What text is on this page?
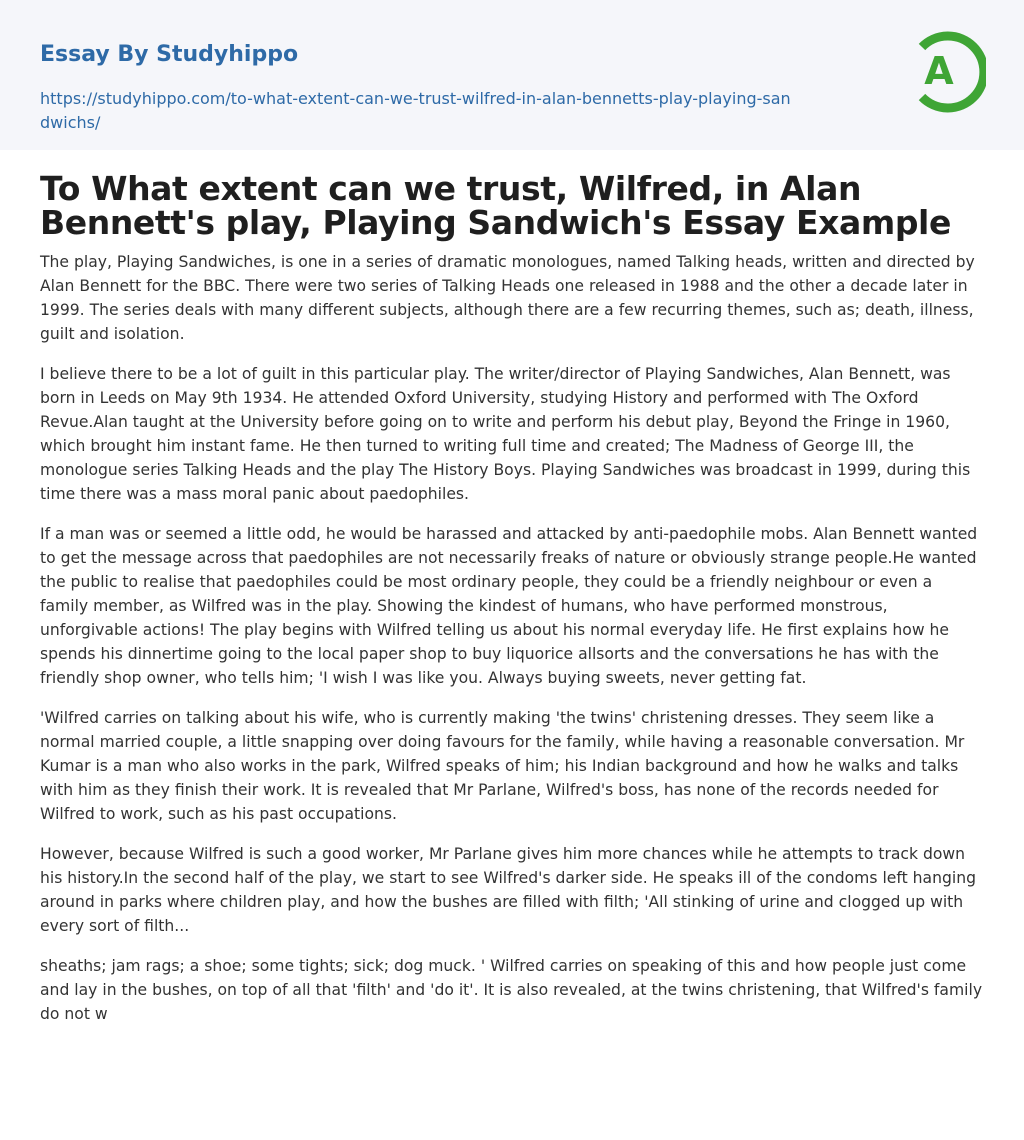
Essay By Studyhippo
https://studyhippo.com/to-what-extent-can-we-trust-wilfred-in-alan-bennetts-play-playing-sandwichs/
A
To What extent can we trust, Wilfred, in Alan Bennett's play, Playing Sandwich's Essay Example

The play, Playing Sandwiches, is one in a series of dramatic monologues, named Talking heads, written and directed by Alan Bennett for the BBC. There were two series of Talking Heads one released in 1988 and the other a decade later in 1999. The series deals with many different subjects, although there are a few recurring themes, such as; death, illness, guilt and isolation.

I believe there to be a lot of guilt in this particular play. The writer/director of Playing Sandwiches, Alan Bennett, was born in Leeds on May 9th 1934. He attended Oxford University, studying History and performed with The Oxford Revue.Alan taught at the University before going on to write and perform his debut play, Beyond the Fringe in 1960, which brought him instant fame. He then turned to writing full time and created; The Madness of George III, the monologue series Talking Heads and the play The History Boys. Playing Sandwiches was broadcast in 1999, during this time there was a mass moral panic about paedophiles.

If a man was or seemed a little odd, he would be harassed and attacked by anti-paedophile mobs. Alan Bennett wanted to get the message across that paedophiles are not necessarily freaks of nature or obviously strange people.He wanted the public to realise that paedophiles could be most ordinary people, they could be a friendly neighbour or even a family member, as Wilfred was in the play. Showing the kindest of humans, who have performed monstrous, unforgivable actions! The play begins with Wilfred telling us about his normal everyday life. He first explains how he spends his dinnertime going to the local paper shop to buy liquorice allsorts and the conversations he has with the friendly shop owner, who tells him; 'I wish I was like you. Always buying sweets, never getting fat.

'Wilfred carries on talking about his wife, who is currently making 'the twins' christening dresses. They seem like a normal married couple, a little snapping over doing favours for the family, while having a reasonable conversation. Mr Kumar is a man who also works in the park, Wilfred speaks of him; his Indian background and how he walks and talks with him as they finish their work. It is revealed that Mr Parlane, Wilfred's boss, has none of the records needed for Wilfred to work, such as his past occupations.

However, because Wilfred is such a good worker, Mr Parlane gives him more chances while he attempts to track down his history.In the second half of the play, we start to see Wilfred's darker side. He speaks ill of the condoms left hanging around in parks where children play, and how the bushes are filled with filth; 'All stinking of urine and clogged up with every sort of filth...

sheaths; jam rags; a shoe; some tights; sick; dog muck. ' Wilfred carries on speaking of this and how people just come and lay in the bushes, on top of all that 'filth' and 'do it'. It is also revealed, at the twins christening, that Wilfred's family do not w
